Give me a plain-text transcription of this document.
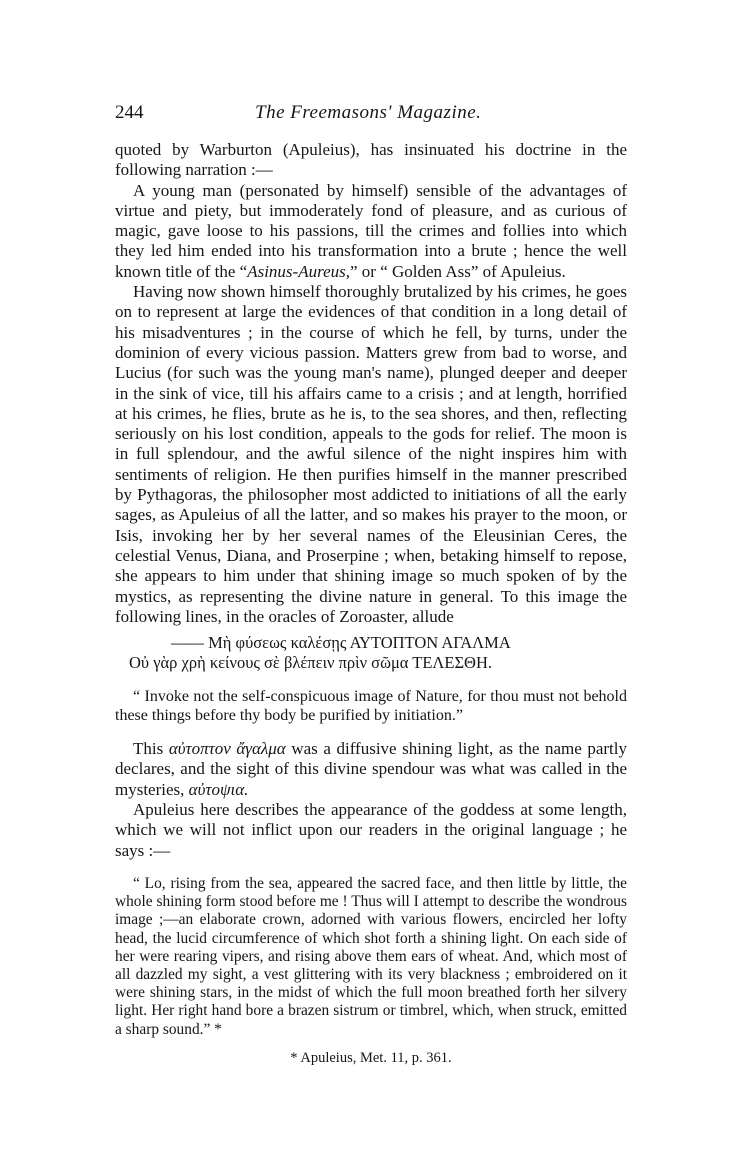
244	The Freemasons' Magazine.

quoted by Warburton (Apuleius), has insinuated his doctrine in the following narration :—

A young man (personated by himself) sensible of the advantages of virtue and piety, but immoderately fond of pleasure, and as curious of magic, gave loose to his passions, till the crimes and follies into which they led him ended into his transformation into a brute ; hence the well known title of the “Asinus-Aureus,” or “ Golden Ass” of Apuleius.

Having now shown himself thoroughly brutalized by his crimes, he goes on to represent at large the evidences of that condition in a long detail of his misadventures ; in the course of which he fell, by turns, under the dominion of every vicious passion. Matters grew from bad to worse, and Lucius (for such was the young man's name), plunged deeper and deeper in the sink of vice, till his affairs came to a crisis ; and at length, horrified at his crimes, he flies, brute as he is, to the sea shores, and then, reflecting seriously on his lost condition, appeals to the gods for relief. The moon is in full splendour, and the awful silence of the night inspires him with sentiments of religion. He then purifies himself in the manner prescribed by Pythagoras, the philosopher most addicted to initiations of all the early sages, as Apuleius of all the latter, and so makes his prayer to the moon, or Isis, invoking her by her several names of the Eleusinian Ceres, the celestial Venus, Diana, and Proserpine ; when, betaking himself to repose, she appears to him under that shining image so much spoken of by the mystics, as representing the divine nature in general. To this image the following lines, in the oracles of Zoroaster, allude

—— Μὴ φύσεως καλέσῃς ΑΥΤΟΠΤΟΝ ΑΓΑΛΜΑ
Οὐ γὰρ χρὴ κείνους σὲ βλέπειν πρὶν σῶμα ΤΕΛΕΣΘΗ.

“ Invoke not the self-conspicuous image of Nature, for thou must not behold these things before thy body be purified by initiation.”

This αὐτοπτον ἄγαλμα was a diffusive shining light, as the name partly declares, and the sight of this divine spendour was what was called in the mysteries, αὐτοψια.

Apuleius here describes the appearance of the goddess at some length, which we will not inflict upon our readers in the original language ; he says :—

“ Lo, rising from the sea, appeared the sacred face, and then little by little, the whole shining form stood before me ! Thus will I attempt to describe the wondrous image ;—an elaborate crown, adorned with various flowers, encircled her lofty head, the lucid circumference of which shot forth a shining light. On each side of her were rearing vipers, and rising above them ears of wheat. And, which most of all dazzled my sight, a vest glittering with its very blackness ; embroidered on it were shining stars, in the midst of which the full moon breathed forth her silvery light. Her right hand bore a brazen sistrum or timbrel, which, when struck, emitted a sharp sound.” *

* Apuleius, Met. 11, p. 361.
